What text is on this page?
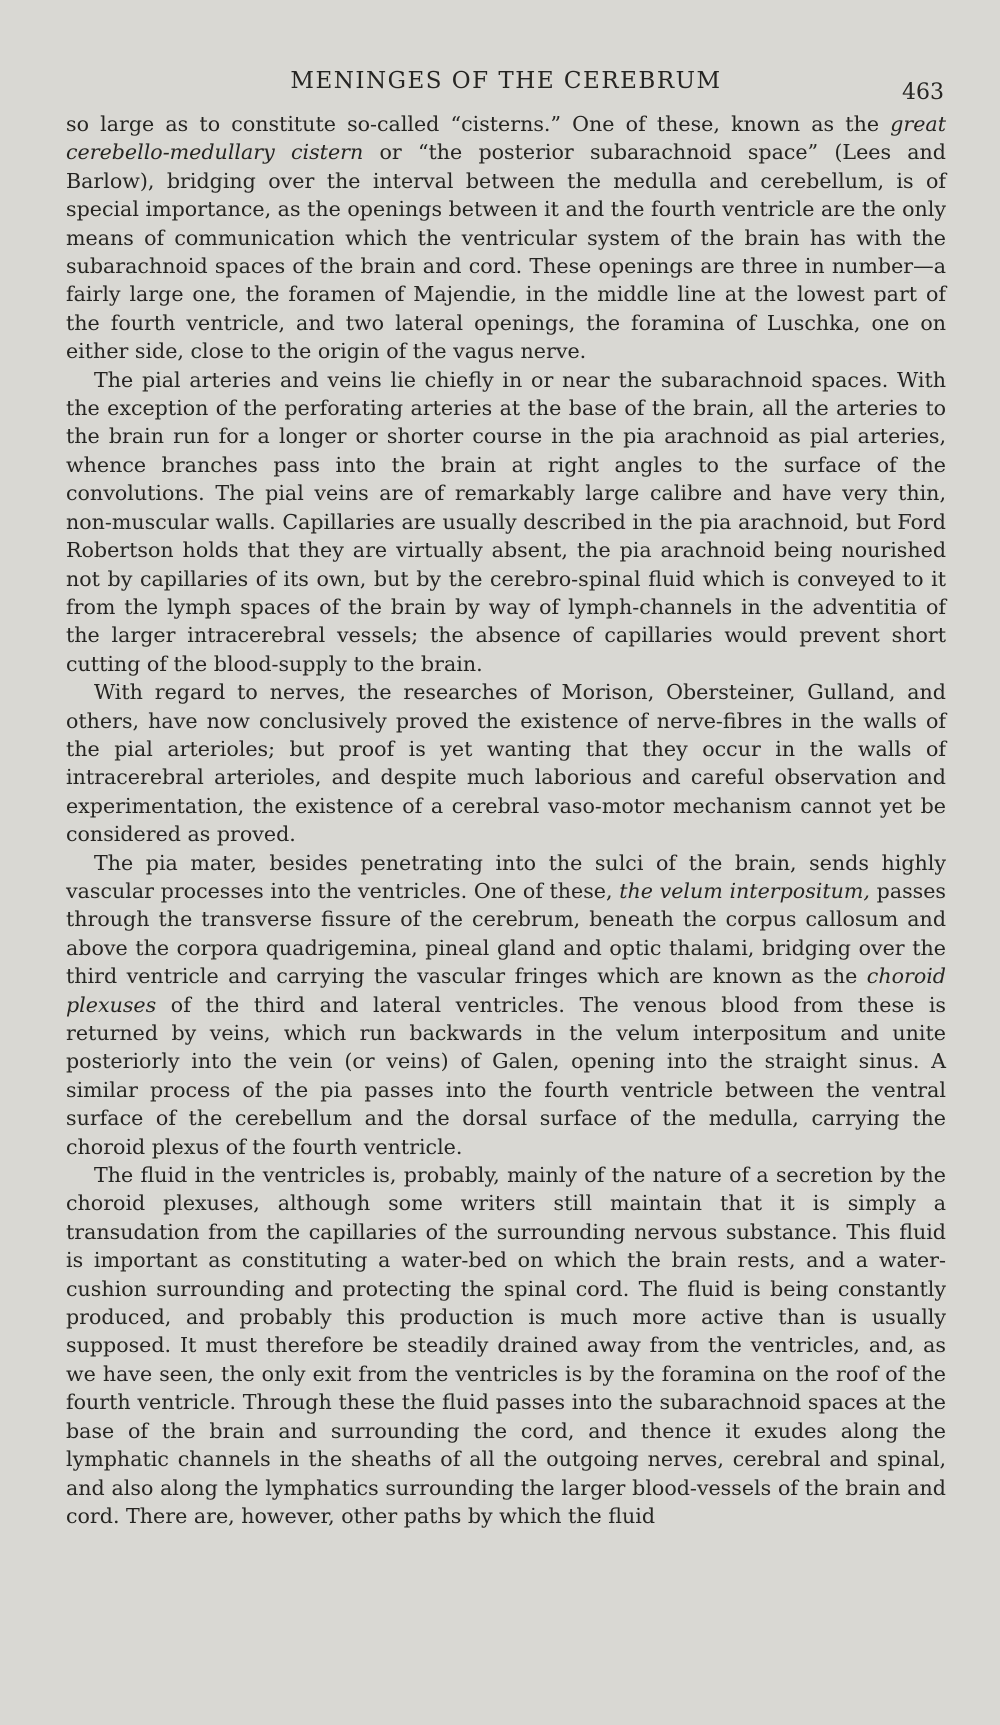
MENINGES OF THE CEREBRUM	463

so large as to constitute so-called “cisterns.” One of these, known as the great cerebello-medullary cistern or “the posterior subarachnoid space” (Lees and Barlow), bridging over the interval between the medulla and cerebellum, is of special importance, as the openings between it and the fourth ventricle are the only means of communication which the ventricular system of the brain has with the subarachnoid spaces of the brain and cord. These openings are three in number—a fairly large one, the foramen of Majendie, in the middle line at the lowest part of the fourth ventricle, and two lateral openings, the foramina of Luschka, one on either side, close to the origin of the vagus nerve.

The pial arteries and veins lie chiefly in or near the subarachnoid spaces. With the exception of the perforating arteries at the base of the brain, all the arteries to the brain run for a longer or shorter course in the pia arachnoid as pial arteries, whence branches pass into the brain at right angles to the surface of the convolutions. The pial veins are of remarkably large calibre and have very thin, non-muscular walls. Capillaries are usually described in the pia arachnoid, but Ford Robertson holds that they are virtually absent, the pia arachnoid being nourished not by capillaries of its own, but by the cerebro-spinal fluid which is conveyed to it from the lymph spaces of the brain by way of lymph-channels in the adventitia of the larger intracerebral vessels; the absence of capillaries would prevent short cutting of the blood-supply to the brain.

With regard to nerves, the researches of Morison, Obersteiner, Gulland, and others, have now conclusively proved the existence of nerve-fibres in the walls of the pial arterioles; but proof is yet wanting that they occur in the walls of intracerebral arterioles, and despite much laborious and careful observation and experimentation, the existence of a cerebral vaso-motor mechanism cannot yet be considered as proved.

The pia mater, besides penetrating into the sulci of the brain, sends highly vascular processes into the ventricles. One of these, the velum interpositum, passes through the transverse fissure of the cerebrum, beneath the corpus callosum and above the corpora quadrigemina, pineal gland and optic thalami, bridging over the third ventricle and carrying the vascular fringes which are known as the choroid plexuses of the third and lateral ventricles. The venous blood from these is returned by veins, which run backwards in the velum interpositum and unite posteriorly into the vein (or veins) of Galen, opening into the straight sinus. A similar process of the pia passes into the fourth ventricle between the ventral surface of the cerebellum and the dorsal surface of the medulla, carrying the choroid plexus of the fourth ventricle.

The fluid in the ventricles is, probably, mainly of the nature of a secretion by the choroid plexuses, although some writers still maintain that it is simply a transudation from the capillaries of the surrounding nervous substance. This fluid is important as constituting a water-bed on which the brain rests, and a water-cushion surrounding and protecting the spinal cord. The fluid is being constantly produced, and probably this production is much more active than is usually supposed. It must therefore be steadily drained away from the ventricles, and, as we have seen, the only exit from the ventricles is by the foramina on the roof of the fourth ventricle. Through these the fluid passes into the subarachnoid spaces at the base of the brain and surrounding the cord, and thence it exudes along the lymphatic channels in the sheaths of all the outgoing nerves, cerebral and spinal, and also along the lymphatics surrounding the larger blood-vessels of the brain and cord. There are, however, other paths by which the fluid
